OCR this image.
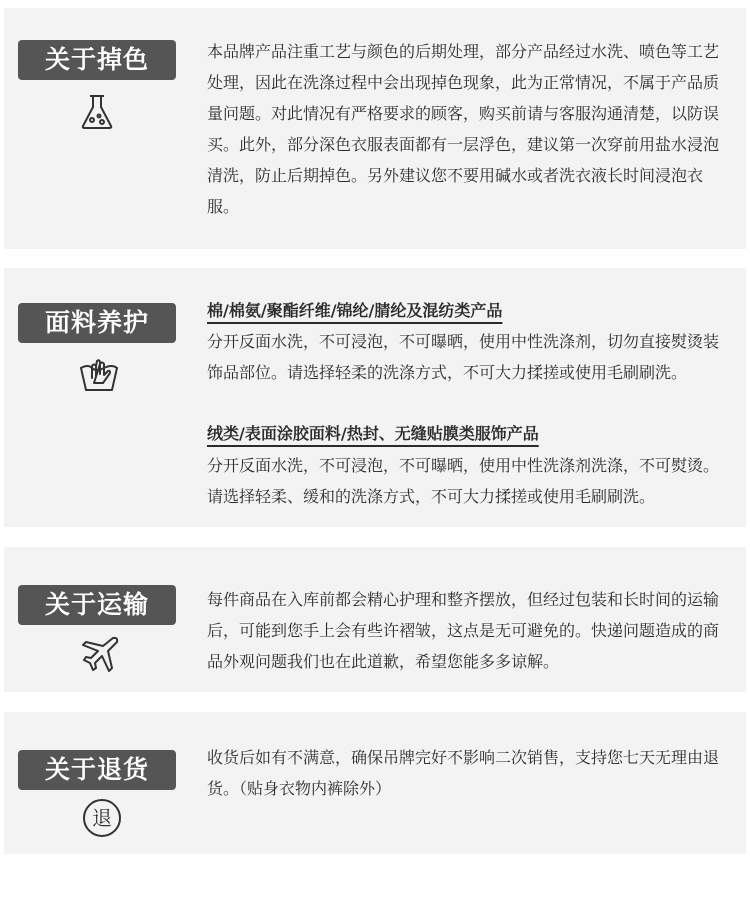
关于掉色	本品牌产品注重工艺与颜色的后期处理，部分产品经过水洗、喷色等工艺处理，因此在洗涤过程中会出现掉色现象，此为正常情况，不属于产品质量问题。对此情况有严格要求的顾客，购买前请与客服沟通清楚，以防误买。此外，部分深色衣服表面都有一层浮色，建议第一次穿前用盐水浸泡清洗，防止后期掉色。另外建议您不要用碱水或者洗衣液长时间浸泡衣服。

面料养护	棉/棉氨/聚酯纤维/锦纶/腈纶及混纺类产品

分开反面水洗，不可浸泡，不可曝晒，使用中性洗涤剂，切勿直接熨烫装饰品部位。请选择轻柔的洗涤方式，不可大力揉搓或使用毛刷刷洗。

绒类/表面涂胶面料/热封、无缝贴膜类服饰产品

分开反面水洗，不可浸泡，不可曝晒，使用中性洗涤剂洗涤，不可熨烫。请选择轻柔、缓和的洗涤方式，不可大力揉搓或使用毛刷刷洗。

关于运输	每件商品在入库前都会精心护理和整齐摆放，但经过包装和长时间的运输后，可能到您手上会有些许褶皱，这点是无可避免的。快递问题造成的商品外观问题我们也在此道歉，希望您能多多谅解。

关于退货
退

收货后如有不满意，确保吊牌完好不影响二次销售，支持您七天无理由退货。（贴身衣物内裤除外）
